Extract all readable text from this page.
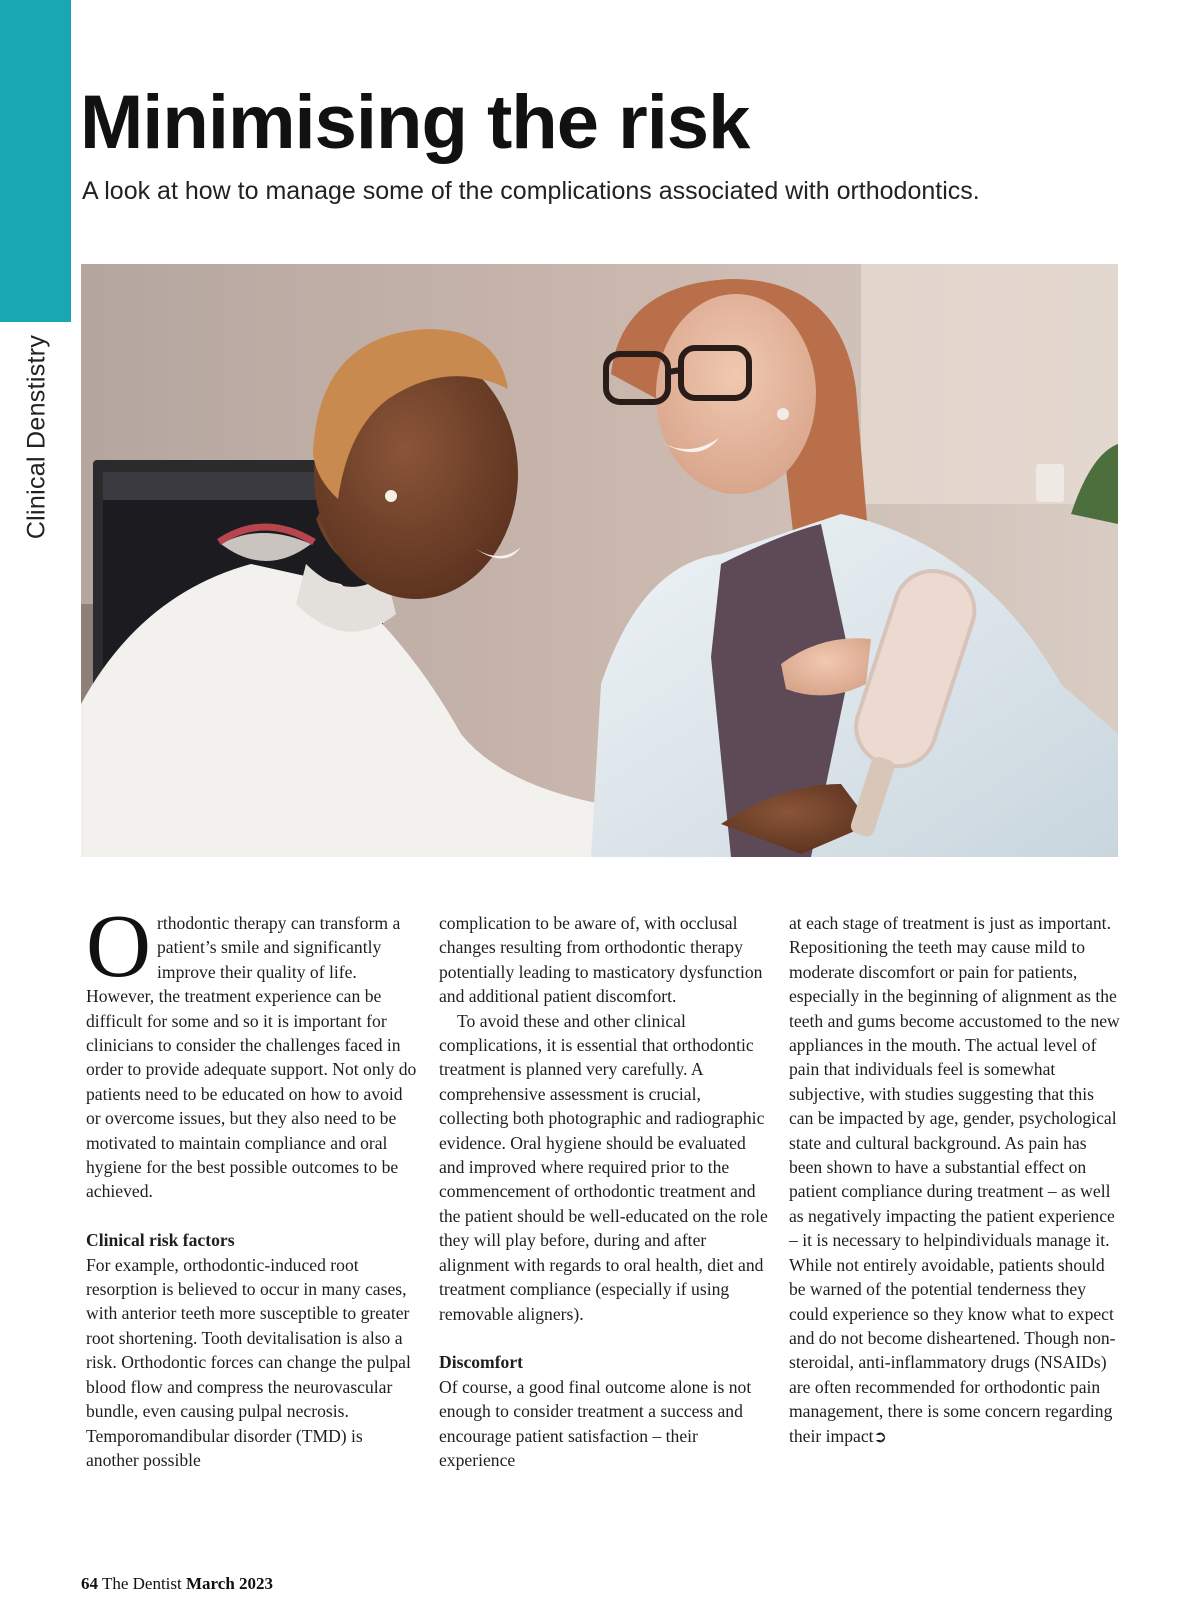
Clinical Denstistry
Minimising the risk

A look at how to manage some of the complications associated with orthodontics.

Orthodontic therapy can transform a patient’s smile and significantly improve their quality of life. However, the treatment experience can be difficult for some and so it is important for clinicians to consider the challenges faced in order to provide adequate support. Not only do patients need to be educated on how to avoid or overcome issues, but they also need to be motivated to maintain compliance and oral hygiene for the best possible outcomes to be achieved.

Clinical risk factors

For example, orthodontic-induced root resorption is believed to occur in many cases, with anterior teeth more susceptible to greater root shortening. Tooth devitalisation is also a risk. Orthodontic forces can change the pulpal blood flow and compress the neurovascular bundle, even causing pulpal necrosis. Temporomandibular disorder (TMD) is another possible

complication to be aware of, with occlusal changes resulting from orthodontic therapy potentially leading to masticatory dysfunction and additional patient discomfort.

To avoid these and other clinical complications, it is essential that orthodontic treatment is planned very carefully. A comprehensive assessment is crucial, collecting both photographic and radiographic evidence. Oral hygiene should be evaluated and improved where required prior to the commencement of orthodontic treatment and the patient should be well-educated on the role they will play before, during and after alignment with regards to oral health, diet and treatment compliance (especially if using removable aligners).

Discomfort

Of course, a good final outcome alone is not enough to consider treatment a success and encourage patient satisfaction – their experience

at each stage of treatment is just as important. Repositioning the teeth may cause mild to moderate discomfort or pain for patients, especially in the beginning of alignment as the teeth and gums become accustomed to the new appliances in the mouth. The actual level of pain that individuals feel is somewhat subjective, with studies suggesting that this can be impacted by age, gender, psychological state and cultural background. As pain has been shown to have a substantial effect on patient compliance during treatment – as well as negatively impacting the patient experience – it is necessary to helpindividuals manage it. While not entirely avoidable, patients should be warned of the potential tenderness they could experience so they know what to expect and do not become disheartened. Though non-steroidal, anti-inflammatory drugs (NSAIDs) are often recommended for orthodontic pain management, there is some concern regarding their impact➲

64 The Dentist March 2023
